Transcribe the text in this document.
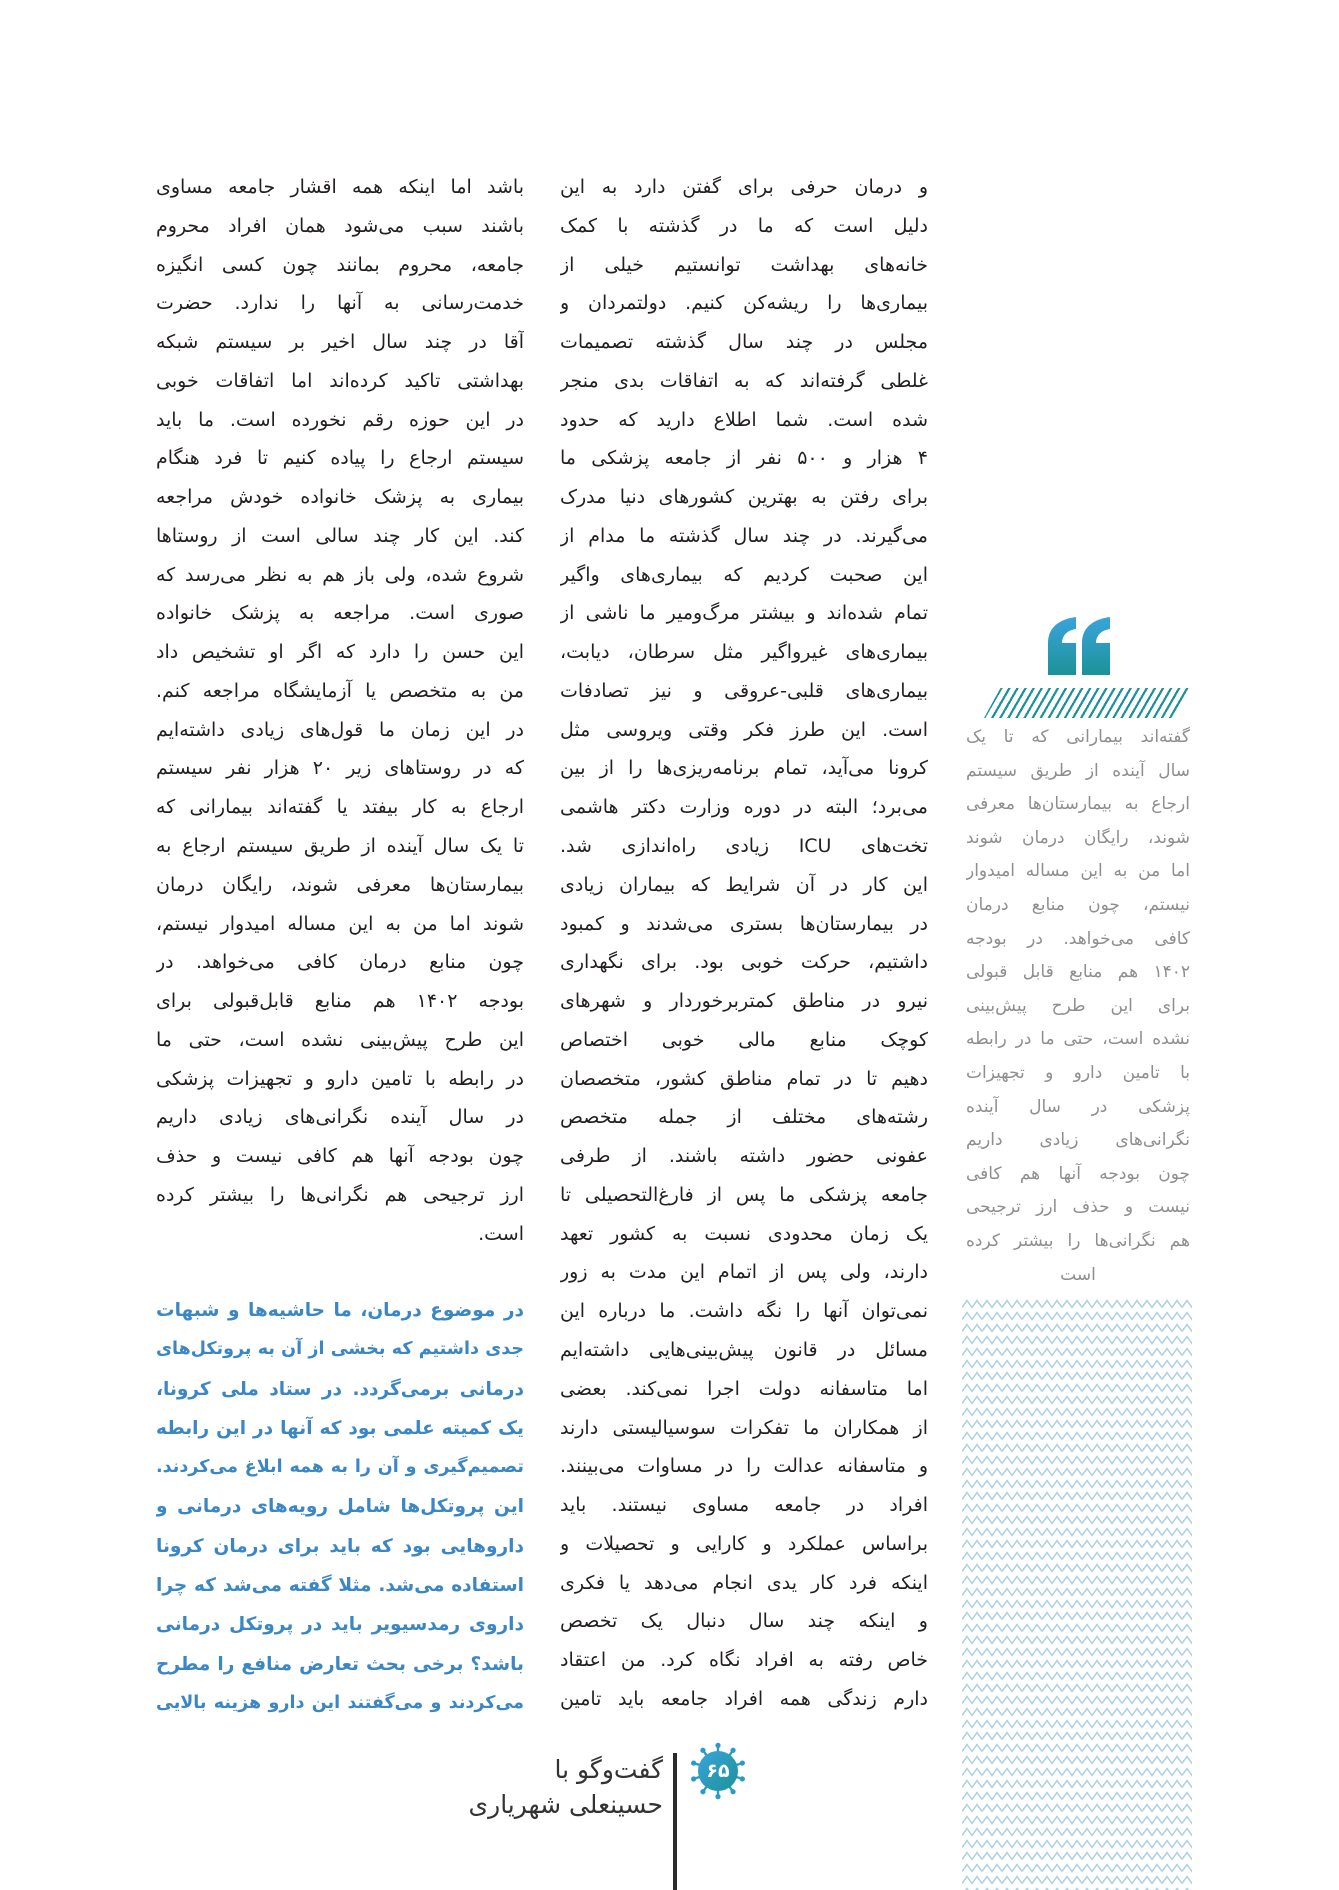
و درمان حرفی برای گفتن دارد به این
دلیل است که ما در گذشته با کمک
خانه‌های بهداشت توانستیم خیلی از
بیماری‌ها را ریشه‌کن کنیم. دولتمردان و
مجلس در چند سال گذشته تصمیمات
غلطی گرفته‌اند که به اتفاقات بدی منجر
شده است. شما اطلاع دارید که حدود
۴ هزار و ۵۰۰ نفر از جامعه پزشکی ما
برای رفتن به بهترین کشورهای دنیا مدرک
می‌گیرند. در چند سال گذشته ما مدام از
این صحبت کردیم که بیماری‌های واگیر
تمام شده‌اند و بیشتر مرگ‌ومیر ما ناشی از
بیماری‌های غیرواگیر مثل سرطان، دیابت،
بیماری‌های قلبی-عروقی و نیز تصادفات
است. این طرز فکر وقتی ویروسی مثل
کرونا می‌آید، تمام برنامه‌ریزی‌ها را از بین
می‌برد؛ البته در دوره وزارت دکتر هاشمی
تخت‌های ICU زیادی راه‌اندازی شد.
این کار در آن شرایط که بیماران زیادی
در بیمارستان‌ها بستری می‌شدند و کمبود
داشتیم، حرکت خوبی بود. برای نگهداری
نیرو در مناطق کمتربرخوردار و شهرهای
کوچک منابع مالی خوبی اختصاص
دهیم تا در تمام مناطق کشور، متخصصان
رشته‌های مختلف از جمله متخصص
عفونی حضور داشته باشند. از طرفی
جامعه پزشکی ما پس از فارغ‌التحصیلی تا
یک زمان محدودی نسبت به کشور تعهد
دارند، ولی پس از اتمام این مدت به زور
نمی‌توان آنها را نگه داشت. ما درباره این
مسائل در قانون پیش‌بینی‌هایی داشته‌ایم
اما متاسفانه دولت اجرا نمی‌کند. بعضی
از همکاران ما تفکرات سوسیالیستی دارند
و متاسفانه عدالت را در مساوات می‌بینند.
افراد در جامعه مساوی نیستند. باید
براساس عملکرد و کارایی و تحصیلات و
اینکه فرد کار یدی انجام می‌دهد یا فکری
و اینکه چند سال دنبال یک تخصص
خاص رفته به افراد نگاه کرد. من اعتقاد
دارم زندگی همه افراد جامعه باید تامین
باشد اما اینکه همه اقشار جامعه مساوی
باشند سبب می‌شود همان افراد محروم
جامعه، محروم بمانند چون کسی انگیزه
خدمت‌رسانی به آنها را ندارد. حضرت
آقا در چند سال اخیر بر سیستم شبکه
بهداشتی تاکید کرده‌اند اما اتفاقات خوبی
در این حوزه رقم نخورده است. ما باید
سیستم ارجاع را پیاده کنیم تا فرد هنگام
بیماری به پزشک خانواده خودش مراجعه
کند. این کار چند سالی است از روستاها
شروع شده، ولی باز هم به نظر می‌رسد که
صوری است. مراجعه به پزشک خانواده
این حسن را دارد که اگر او تشخیص داد
من به متخصص یا آزمایشگاه مراجعه کنم.
در این زمان ما قول‌های زیادی داشته‌ایم
که در روستاهای زیر ۲۰ هزار نفر سیستم
ارجاع به کار بیفتد یا گفته‌اند بیمارانی که
تا یک سال آینده از طریق سیستم ارجاع به
بیمارستان‌ها معرفی شوند، رایگان درمان
شوند اما من به این مساله امیدوار نیستم،
چون منابع درمان کافی می‌خواهد. در
بودجه ۱۴۰۲ هم منابع قابل‌قبولی برای
این طرح پیش‌بینی نشده است، حتی ما
در رابطه با تامین دارو و تجهیزات پزشکی
در سال آینده نگرانی‌های زیادی داریم
چون بودجه آنها هم کافی نیست و حذف
ارز ترجیحی هم نگرانی‌ها را بیشتر کرده
است.
در موضوع درمان، ما حاشیه‌ها و شبهات
جدی داشتیم که بخشی از آن به پروتکل‌های
درمانی برمی‌گردد. در ستاد ملی کرونا،
یک کمیته علمی بود که آنها در این رابطه
تصمیم‌گیری و آن را به همه ابلاغ می‌کردند.
این پروتکل‌ها شامل رویه‌های درمانی و
داروهایی بود که باید برای درمان کرونا
استفاده می‌شد. مثلا گفته می‌شد که چرا
داروی رمدسیویر باید در پروتکل درمانی
باشد؟ برخی بحث تعارض منافع را مطرح
می‌کردند و می‌گفتند این دارو هزینه بالایی
گفته‌اند بیمارانی که تا یک
سال آینده از طریق سیستم
ارجاع به بیمارستان‌ها معرفی
شوند، رایگان درمان شوند
اما من به این مساله امیدوار
نیستم، چون منابع درمان
کافی می‌خواهد. در بودجه
۱۴۰۲ هم منابع قابل قبولی
برای این طرح پیش‌بینی
نشده است، حتی ما در رابطه
با تامین دارو و تجهیزات
پزشکی در سال آینده
نگرانی‌های زیادی داریم
چون بودجه آنها هم کافی
نیست و حذف ارز ترجیحی
هم نگرانی‌ها را بیشتر کرده
است
۶۵
گفت‌وگو با
حسینعلی شهریاری
